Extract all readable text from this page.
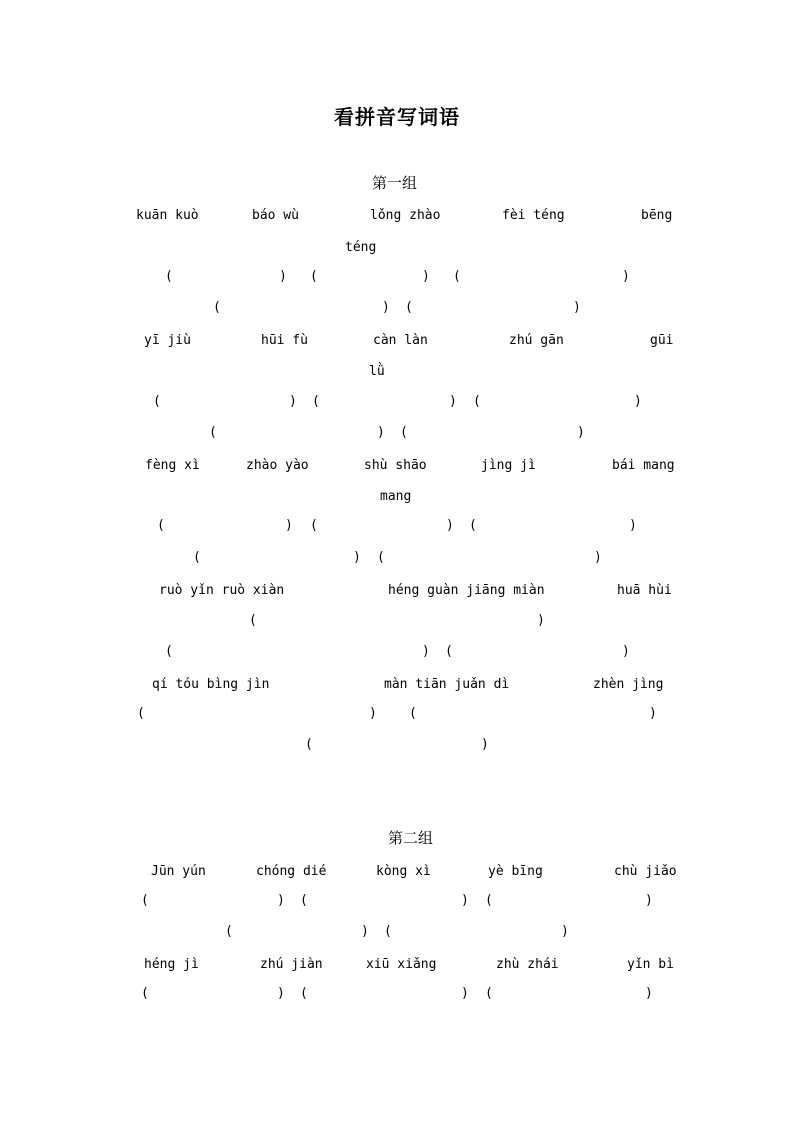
看拼音写词语
第一组
kuān kuò	báo wù	lǒng zhào	fèi téng	bēng
téng
(	) (	) (	)
(	) (	)
yī jiù	hūi fù	càn làn	zhú gān	gūi
lǜ
(	) (	) (	)
(	) (	)
fèng xì	zhào yào	shù shāo	jìng jì	bái mang
mang
(	) (	) (	)
(	) (	)
ruò yǐn ruò xiàn	héng guàn jiāng miàn	huā hùi
(	)
(	) (	)
qí tóu bìng jìn	màn tiān juǎn dì	zhèn jìng
(	) (	)
(	)
第二组
Jūn yún	chóng dié	kòng xì	yè bīng	chù jiǎo
(	) (	) (	)
(	) (	)
héng jì	zhú jiàn	xiū xiǎng	zhù zhái	yǐn bì
(	) (	) (	)
